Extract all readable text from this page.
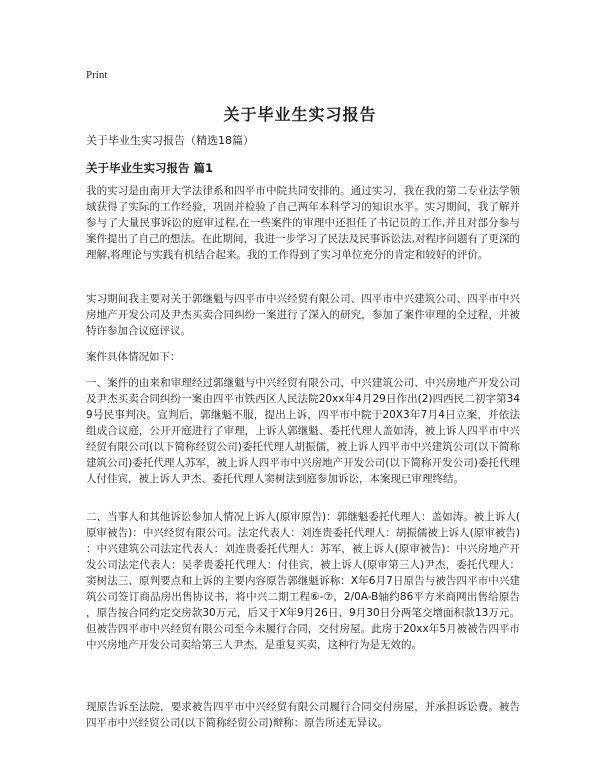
Print
关于毕业生实习报告
关于毕业生实习报告（精选18篇）
关于毕业生实习报告 篇1

我的实习是由南开大学法律系和四平市中院共同安排的。通过实习，我在我的第二专业法学领域获得了实际的工作经验，巩固并检验了自己两年本科学习的知识水平。实习期间，我了解并参与了大量民事诉讼的庭审过程,在一些案件的审理中还担任了书记员的工作,并且对部分参与案件提出了自己的想法。在此期间，我进一步学习了民法及民事诉讼法,对程序问题有了更深的理解,将理论与实践有机结合起来。我的工作得到了实习单位充分的肯定和较好的评价。

实习期间我主要对关于郭继魁与四平市中兴经贸有限公司、四平市中兴建筑公司、四平市中兴房地产开发公司及尹杰买卖合同纠纷一案进行了深入的研究，参加了案件审理的全过程，并被特许参加合议庭评议。

案件具体情况如下：

一、案件的由来和审理经过郭继魁与中兴经贸有限公司、中兴建筑公司、中兴房地产开发公司及尹杰买卖合同纠纷一案由四平市铁西区人民法院20xx年4月29日作出(2)四西民二初字第349号民事判决。宣判后，郭继魁不服，提出上诉，四平市中院于20X3年7月4日立案，并依法组成合议庭，公开开庭进行了审理，上诉人郭继魁、委托代理人盖如涛，被上诉人四平市中兴经贸有限公司(以下简称经贸公司)委托代理人胡振儒，被上诉人四平市中兴建筑公司(以下简称建筑公司)委托代理人苏军，被上诉人四平市中兴房地产开发公司(以下简称开发公司)委托代理人付佳宾，被上诉人尹杰、委托代理人窦树法到庭参加诉讼，本案现已审理终结。

二、当事人和其他诉讼参加人情况上诉人(原审原告)：郭继魁委托代理人：盖如涛。被上诉人(原审被告)：中兴经贸有限公司。法定代表人：刘连贵委托代理人：胡振儒被上诉人(原审被告)：中兴建筑公司法定代表人：刘连贵委托代理人：苏军，被上诉人(原审被告)：中兴房地产开发公司法定代表人：吴孝贵委托代理人：付佳宾，被上诉人(原审第三人)尹杰，委托代理人：窦树法三、原判要点和上诉的主要内容原告郭继魁诉称：X年6月7日原告与被告四平市中兴建筑公司签订商品房出售协议书，将中兴二期工程⑥-⑦，2/0A-B轴约86平方米商网出售给原告，原告按合同约定交房款30万元，后又于X年9月26日、9月30日分两笔交增面积款13万元。但被告四平市中兴经贸有限公司至今未履行合同，交付房屋。此房于20xx年5月被被告四平市中兴房地产开发公司卖给第三人尹杰，是重复买卖，这种行为是无效的。

现原告诉至法院，要求被告四平市中兴经贸有限公司履行合同交付房屋，并承担诉讼费。被告四平市中兴经贸公司(以下简称经贸公司)辩称：原告所述无异议。
